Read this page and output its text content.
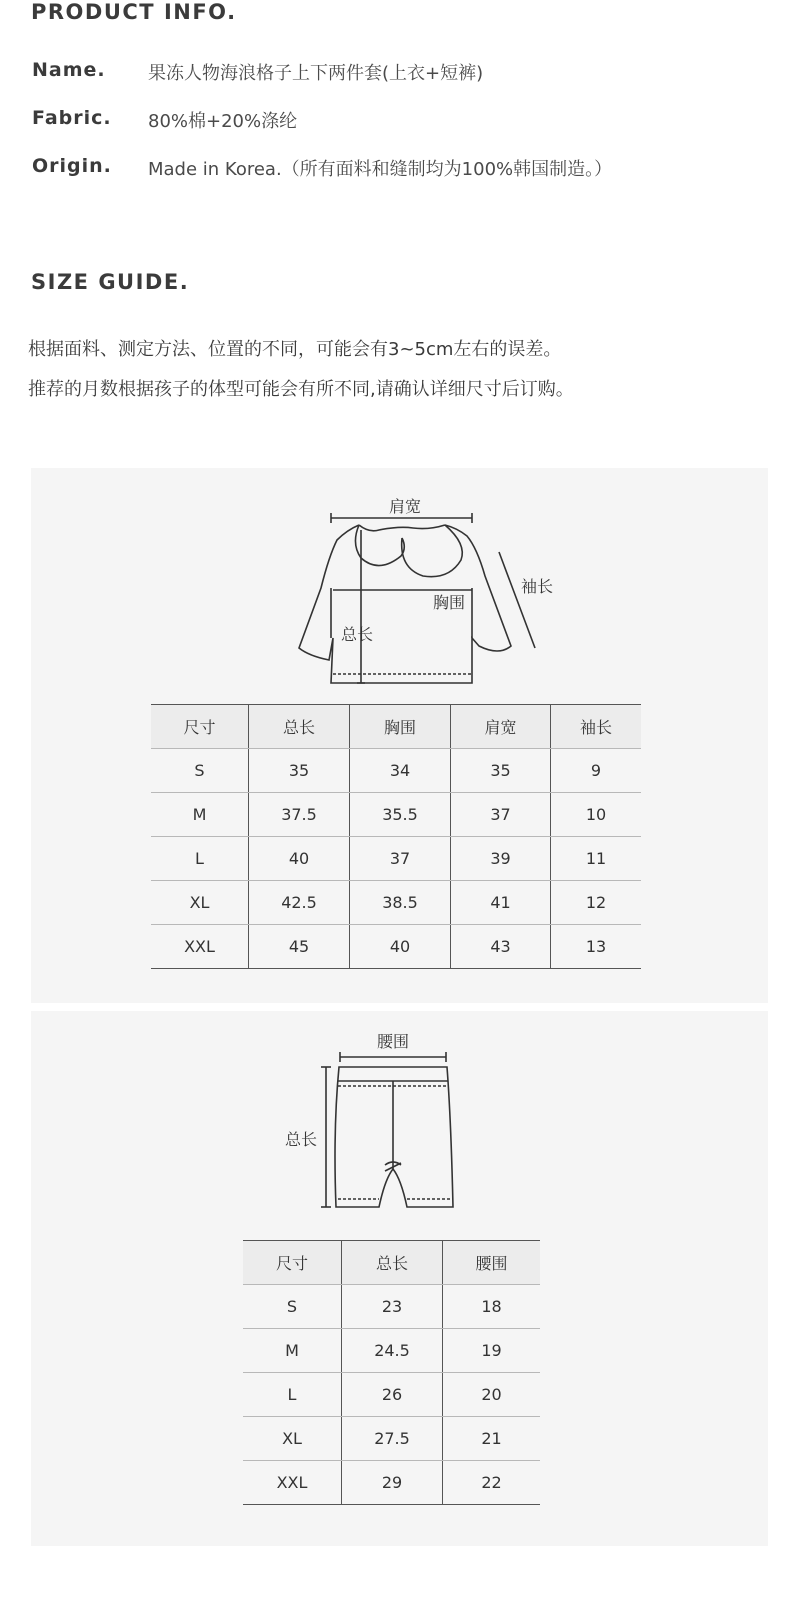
PRODUCT INFO.
Name. 果冻人物海浪格子上下两件套(上衣+短裤)
Fabric. 80%棉+20%涤纶
Origin. Made in Korea.（所有面料和缝制均为100%韩国制造。）
SIZE GUIDE.
根据面料、测定方法、位置的不同，可能会有3~5cm左右的误差。
推荐的月数根据孩子的体型可能会有所不同,请确认详细尺寸后订购。
肩宽
胸围
袖长
总长
尺寸	总长	胸围	肩宽	袖长
S	35	34	35	9
M	37.5	35.5	37	10
L	40	37	39	11
XL	42.5	38.5	41	12
XXL	45	40	43	13
腰围
总长
尺寸	总长	腰围
S	23	18
M	24.5	19
L	26	20
XL	27.5	21
XXL	29	22
